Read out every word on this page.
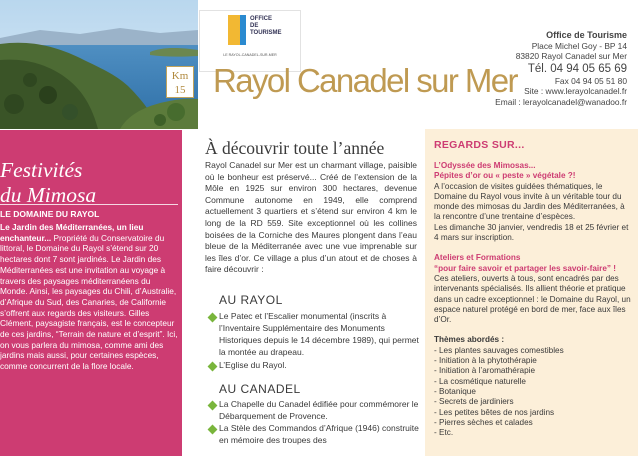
OFFICE
DE
TOURISME
LE RAYOL-CANADEL-SUR-MER
Km
15 Rayol Canadel sur Mer
Office de Tourisme
Place Michel Goy - BP 14
83820 Rayol Canadel sur Mer
Tél. 04 94 05 65 69
Fax 04 94 05 51 80
Site : www.lerayolcanadel.fr
Email : lerayolcanadel@wanadoo.fr
Festivités
du Mimosa
LE DOMAINE DU RAYOL
Le Jardin des Méditerranées, un lieu enchanteur... Propriété du Conservatoire du littoral, le Domaine du Rayol s’étend sur 20 hectares dont 7 sont jardinés. Le Jardin des Méditerranées est une invitation au voyage à travers des paysages méditerranéens du Monde. Ainsi, les paysages du Chili, d’Australie, d’Afrique du Sud, des Canaries, de Californie s’offrent aux regards des visiteurs. Gilles Clément, paysagiste français, est le concepteur de ces jardins, “Terrain de nature et d’esprit”. Ici, on vous parlera du mimosa, comme ami des jardins mais aussi, pour certaines espèces, comme concurrent de la flore locale.
À découvrir toute l’année
Rayol Canadel sur Mer est un charmant village, paisible où le bonheur est préservé... Créé de l’extension de la Môle en 1925 sur environ 300 hectares, devenue Commune autonome en 1949, elle comprend actuellement 3 quartiers et s’étend sur environ 4 km le long de la RD 559. Site exceptionnel où les collines boisées de la Corniche des Maures plongent dans l’eau bleue de la Méditerranée avec une vue imprenable sur les îles d’or. Ce village a plus d’un atout et de choses à faire découvrir :
AU RAYOL
Le Patec et l’Escalier monumental (inscrits à l’Inventaire Supplémentaire des Monuments Historiques depuis le 14 décembre 1989), qui permet la montée au drapeau.
L’Eglise du Rayol.
AU CANADEL
La Chapelle du Canadel édifiée pour commémorer le Débarquement de Provence.
La Stèle des Commandos d’Afrique (1946) construite en mémoire des troupes des
REGARDS SUR...
L’Odyssée des Mimosas...
Pépites d’or ou « peste » végétale ?!
A l’occasion de visites guidées thématiques, le Domaine du Rayol vous invite à un véritable tour du monde des mimosas du Jardin des Méditerranées, à la rencontre d’une trentaine d’espèces.
Les dimanche 30 janvier, vendredis 18 et 25 février et 4 mars sur inscription.
Ateliers et Formations
“pour faire savoir et partager les savoir-faire” !
Ces ateliers, ouverts à tous, sont encadrés par des intervenants spécialisés. Ils allient théorie et pratique dans un cadre exceptionnel : le Domaine du Rayol, un espace naturel protégé en bord de mer, face aux îles d’Or.
Thèmes abordés :
- Les plantes sauvages comestibles
- Initiation à la phytothérapie
- Initiation à l’aromathérapie
- La cosmétique naturelle
- Botanique
- Secrets de jardiniers
- Les petites bêtes de nos jardins
- Pierres sèches et calades
- Etc.
